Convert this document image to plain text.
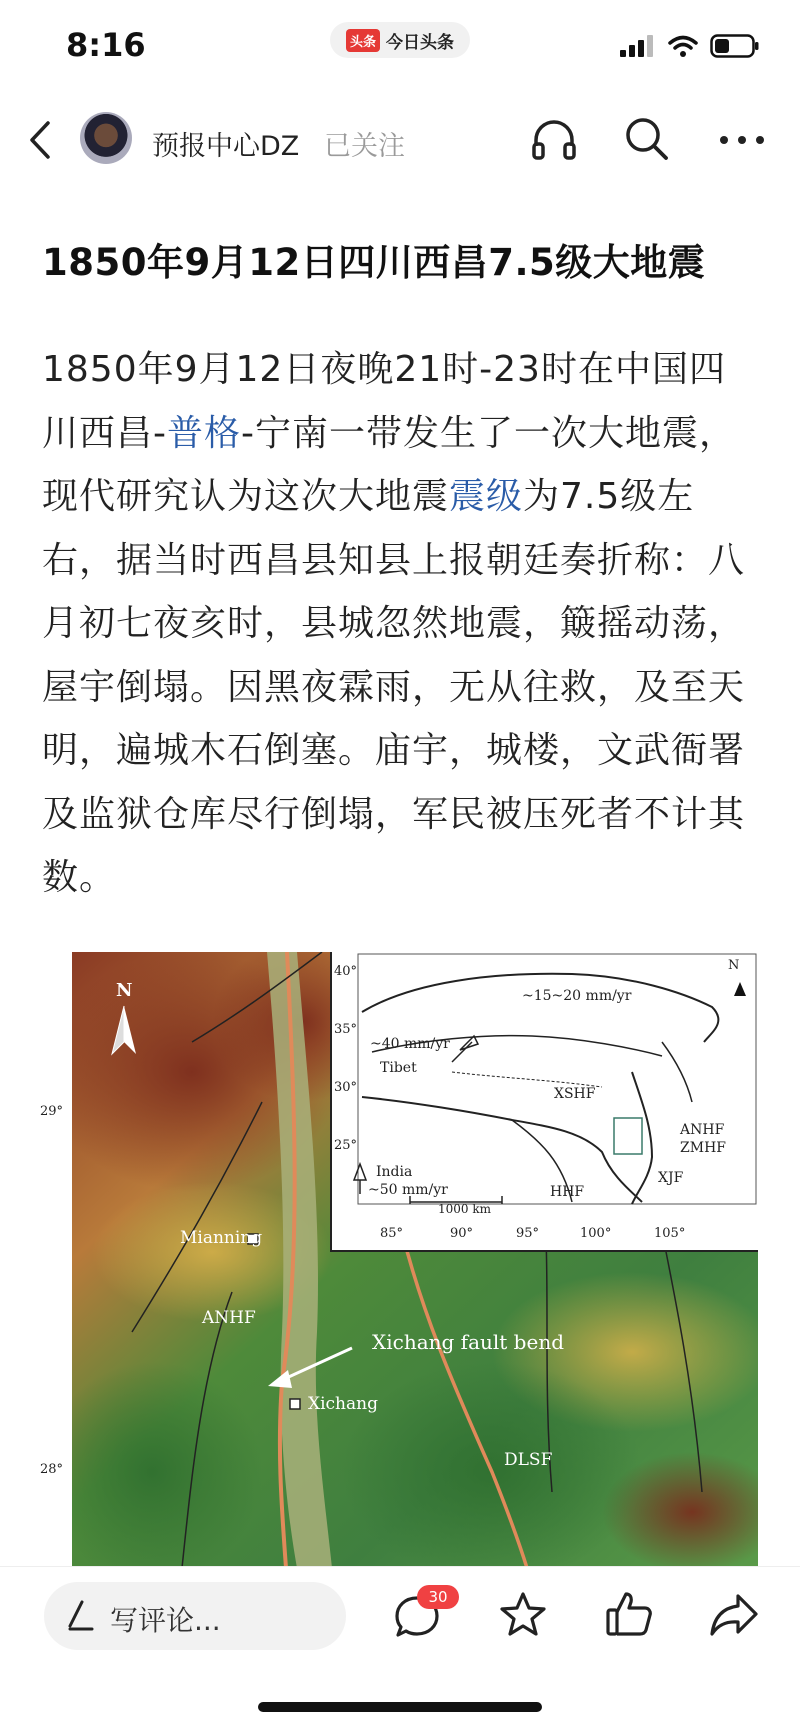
8:16	头条 今日头条
预报中心DZ 已关注
1850年9月12日四川西昌7.5级大地震
1850年9月12日夜晚21时-23时在中国四川西昌-普格-宁南一带发生了一次大地震，现代研究认为这次大地震震级为7.5级左右，据当时西昌县知县上报朝廷奏折称：八月初七夜亥时，县城忽然地震，簸摇动荡，屋宇倒塌。因黑夜霖雨，无从往救，及至天明，遍城木石倒塞。庙宇，城楼，文武衙署及监狱仓库尽行倒塌，军民被压死者不计其数。
29°
28°
N
Mianning
ANHF
Xichang fault bend
Xichang
DLSF
N
40°
35°
30°
25°
85°	90°	95°	100°	105°
~15~20 mm/yr
~40 mm/yr
Tibet
XSHF
ANHF
ZMHF
XJF
HHF
India
~50 mm/yr
1000 km
写评论...
30
